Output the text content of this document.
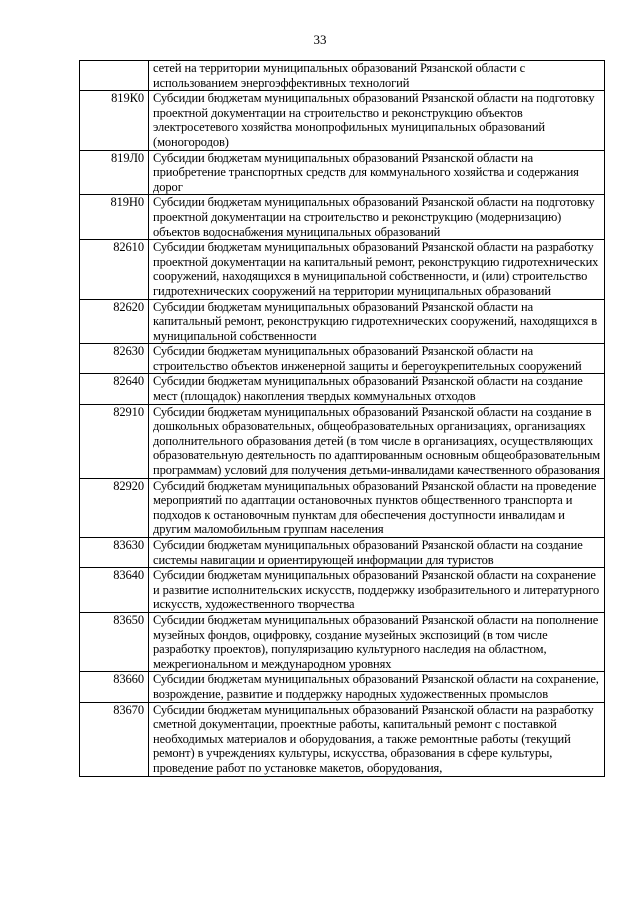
33
	сетей на территории муниципальных образований Рязанской области с использованием энергоэффективных технологий
819К0	Субсидии бюджетам муниципальных образований Рязанской области на подготовку проектной документации на строительство и реконструкцию объектов электросетевого хозяйства монопрофильных муниципальных образований (моногородов)
819Л0	Субсидии бюджетам муниципальных образований Рязанской области на приобретение транспортных средств для коммунального хозяйства и содержания дорог
819Н0	Субсидии бюджетам муниципальных образований Рязанской области на подготовку проектной документации на строительство и реконструкцию (модернизацию) объектов водоснабжения муниципальных образований
82610	Субсидии бюджетам муниципальных образований Рязанской области на разработку проектной документации на капитальный ремонт, реконструкцию гидротехнических сооружений, находящихся в муниципальной собственности, и (или) строительство гидротехнических сооружений на территории муниципальных образований
82620	Субсидии бюджетам муниципальных образований Рязанской области на капитальный ремонт, реконструкцию гидротехнических сооружений, находящихся в муниципальной собственности
82630	Субсидии бюджетам муниципальных образований Рязанской области на строительство объектов инженерной защиты и берегоукрепительных сооружений
82640	Субсидии бюджетам муниципальных образований Рязанской области на создание мест (площадок) накопления твердых коммунальных отходов
82910	Субсидии бюджетам муниципальных образований Рязанской области на создание в дошкольных образовательных, общеобразовательных организациях, организациях дополнительного образования детей (в том числе в организациях, осуществляющих образовательную деятельность по адаптированным основным общеобразовательным программам) условий для получения детьми-инвалидами качественного образования
82920	Субсидий бюджетам муниципальных образований Рязанской области на проведение мероприятий по адаптации остановочных пунктов общественного транспорта и подходов к остановочным пунктам для обеспечения доступности инвалидам и другим маломобильным группам населения
83630	Субсидии бюджетам муниципальных образований Рязанской области на создание системы навигации и ориентирующей информации для туристов
83640	Субсидии бюджетам муниципальных образований Рязанской области на сохранение и развитие исполнительских искусств, поддержку изобразительного и литературного искусств, художественного творчества
83650	Субсидии бюджетам муниципальных образований Рязанской области на пополнение музейных фондов, оцифровку, создание музейных экспозиций (в том числе разработку проектов), популяризацию культурного наследия на областном, межрегиональном и международном уровнях
83660	Субсидии бюджетам муниципальных образований Рязанской области на сохранение, возрождение, развитие и поддержку народных художественных промыслов
83670	Субсидии бюджетам муниципальных образований Рязанской области на разработку сметной документации, проектные работы, капитальный ремонт с поставкой необходимых материалов и оборудования, а также ремонтные работы (текущий ремонт) в учреждениях культуры, искусства, образования в сфере культуры, проведение работ по установке макетов, оборудования,
